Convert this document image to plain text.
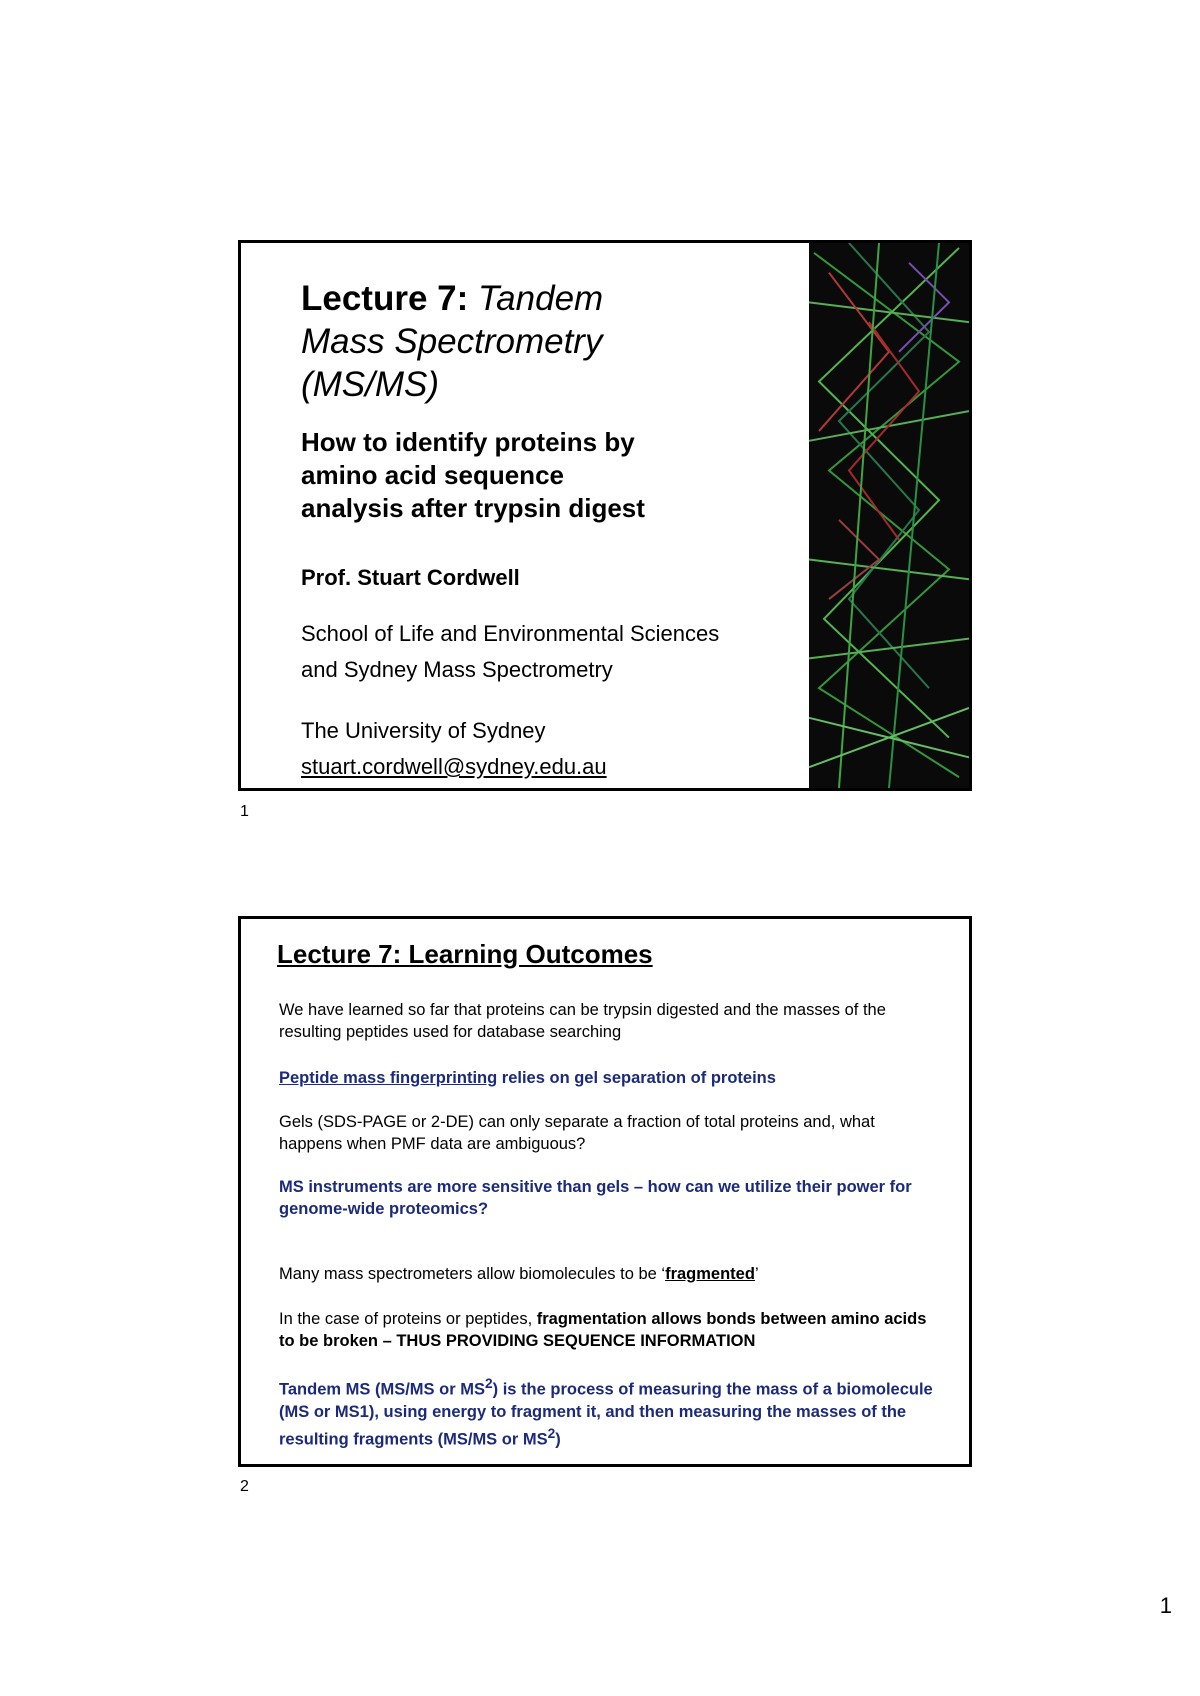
Lecture 7: Tandem
Mass Spectrometry
(MS/MS)
How to identify proteins by
amino acid sequence
analysis after trypsin digest
Prof. Stuart Cordwell
School of Life and Environmental Sciences
and Sydney Mass Spectrometry
The University of Sydney
stuart.cordwell@sydney.edu.au
1
Lecture 7: Learning Outcomes
We have learned so far that proteins can be trypsin digested and the masses of the resulting peptides used for database searching
Peptide mass fingerprinting relies on gel separation of proteins
Gels (SDS-PAGE or 2-DE) can only separate a fraction of total proteins and, what happens when PMF data are ambiguous?
MS instruments are more sensitive than gels – how can we utilize their power for genome-wide proteomics?
Many mass spectrometers allow biomolecules to be ‘fragmented’
In the case of proteins or peptides, fragmentation allows bonds between amino acids to be broken – THUS PROVIDING SEQUENCE INFORMATION
Tandem MS (MS/MS or $MS^2$) is the process of measuring the mass of a biomolecule (MS or MS1), using energy to fragment it, and then measuring the masses of the resulting fragments (MS/MS or $MS^2$)
2
1
